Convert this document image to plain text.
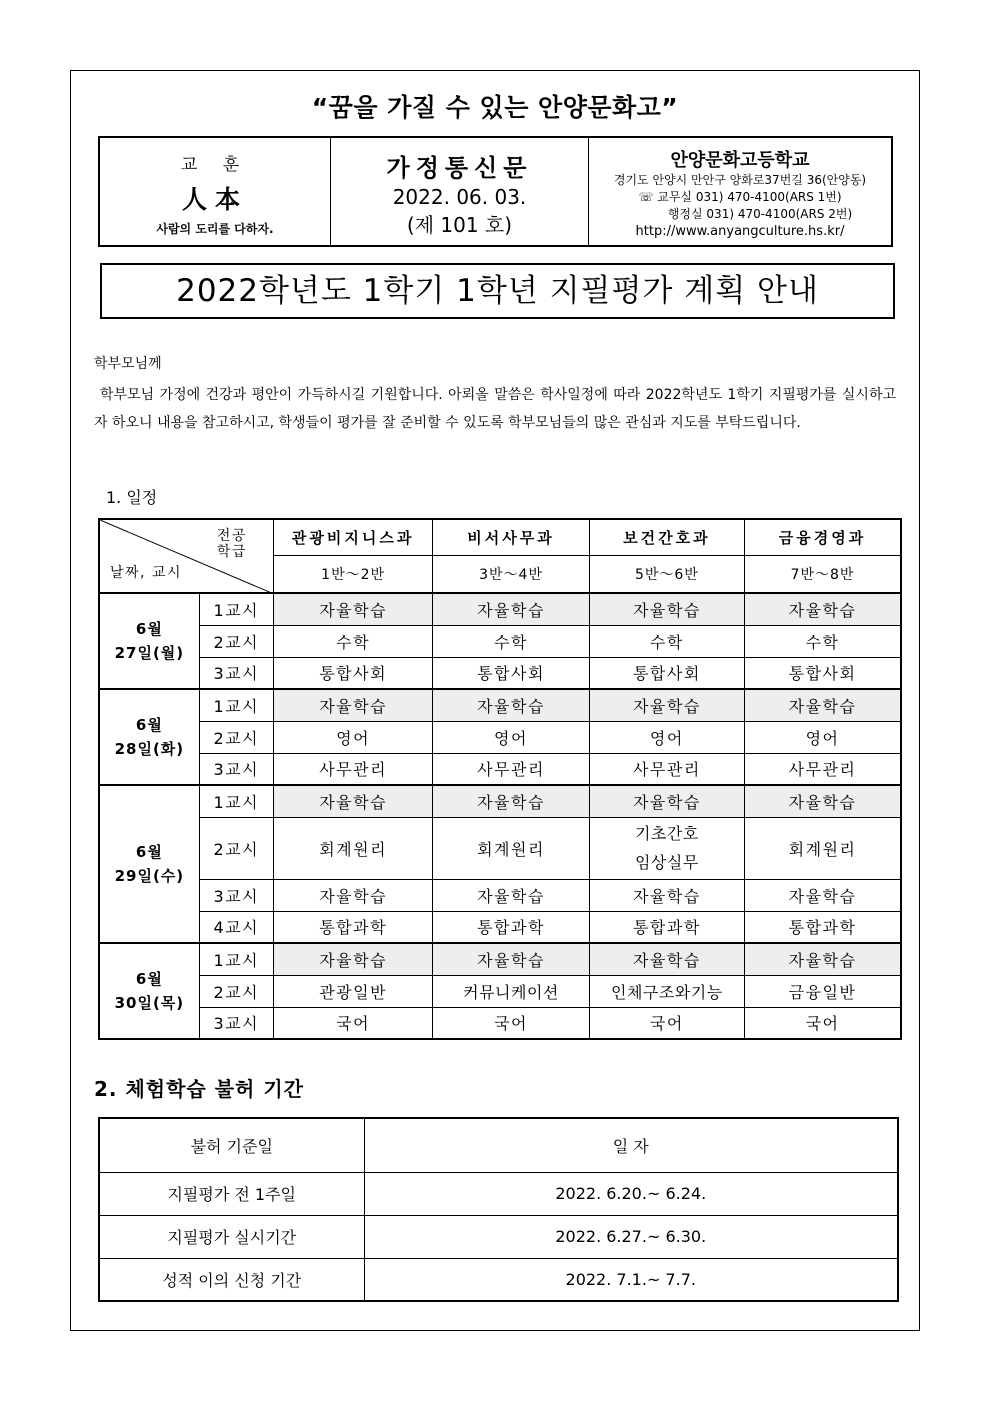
“꿈을 가질 수 있는 안양문화고”
교 훈
人本
사람의 도리를 다하자.
가정통신문
2022. 06. 03.
(제 101 호)
안양문화고등학교
경기도 안양시 만안구 양화로37번길 36(안양동)
☏ 교무실 031) 470-4100(ARS 1번)
행정실 031) 470-4100(ARS 2번)
http://www.anyangculture.hs.kr/
2022학년도 1학기 1학년 지필평가 계획 안내
학부모님께
학부모님 가정에 건강과 평안이 가득하시길 기원합니다. 아뢰올 말씀은 학사일정에 따라 2022학년도 1학기 지필평가를 실시하고자 하오니 내용을 참고하시고, 학생들이 평가를 잘 준비할 수 있도록 학부모님들의 많은 관심과 지도를 부탁드립니다.
1. 일정
전공
학급
날짜, 교시		관광비지니스과	비서사무과	보건간호과	금융경영과
		1반～2반	3반～4반	5반～6반	7반～8반

6월
27일(월)	1교시	자율학습	자율학습	자율학습	자율학습
	2교시	수학	수학	수학	수학
	3교시	통합사회	통합사회	통합사회	통합사회

6월
28일(화)	1교시	자율학습	자율학습	자율학습	자율학습
	2교시	영어	영어	영어	영어
	3교시	사무관리	사무관리	사무관리	사무관리

6월
29일(수)	1교시	자율학습	자율학습	자율학습	자율학습
	2교시	회계원리	회계원리	기초간호
임상실무	회계원리
	3교시	자율학습	자율학습	자율학습	자율학습
	4교시	통합과학	통합과학	통합과학	통합과학

6월
30일(목)	1교시	자율학습	자율학습	자율학습	자율학습
	2교시	관광일반	커뮤니케이션	인체구조와기능	금융일반
	3교시	국어	국어	국어	국어
2. 체험학습 불허 기간
불허 기준일	일 자
지필평가 전 1주일	2022. 6.20.~ 6.24.
지필평가 실시기간	2022. 6.27.~ 6.30.
성적 이의 신청 기간	2022. 7.1.~ 7.7.
